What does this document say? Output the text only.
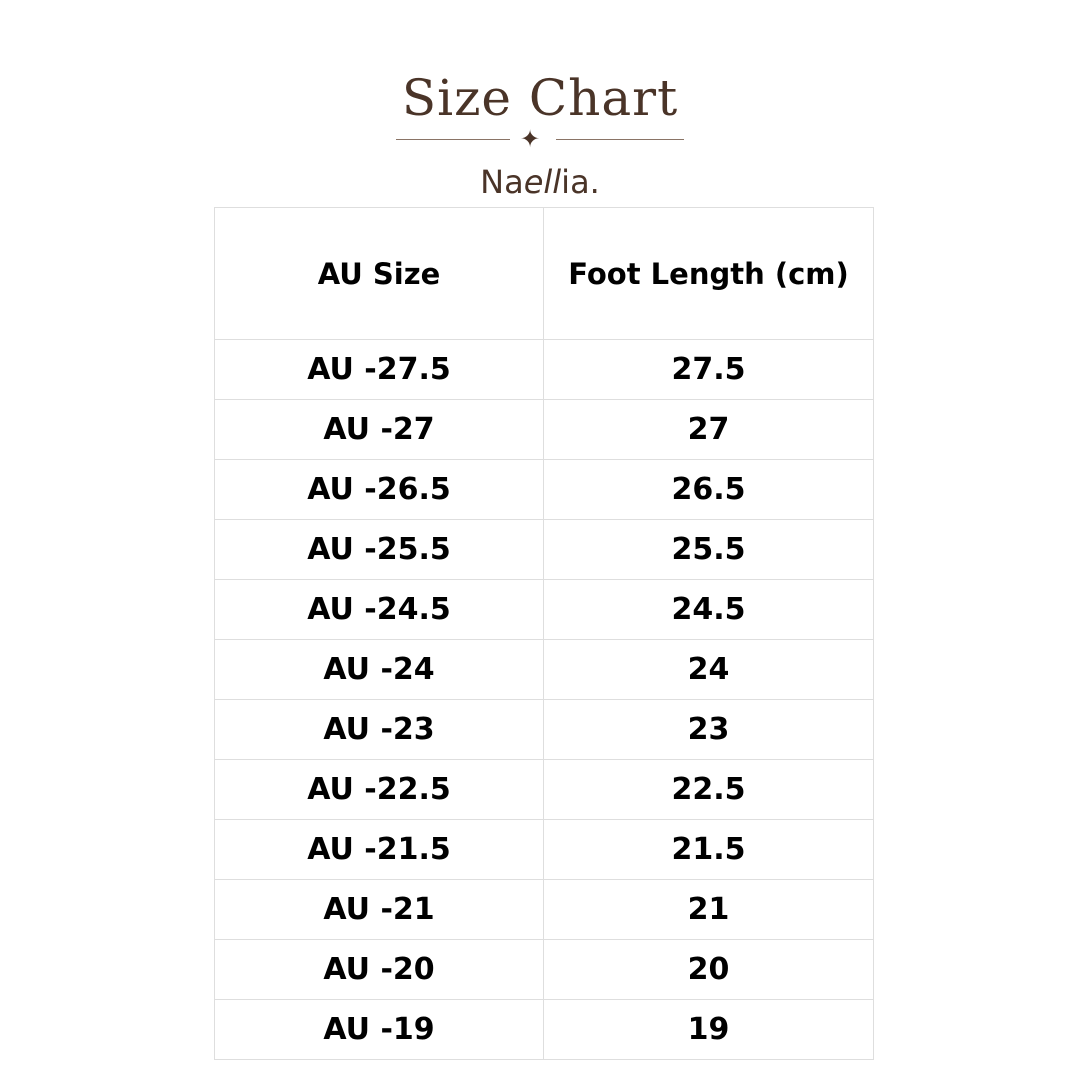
Size Chart
✦
Naellia.
AU Size	Foot Length (cm)
AU -27.5	27.5
AU -27	27
AU -26.5	26.5
AU -25.5	25.5
AU -24.5	24.5
AU -24	24
AU -23	23
AU -22.5	22.5
AU -21.5	21.5
AU -21	21
AU -20	20
AU -19	19
